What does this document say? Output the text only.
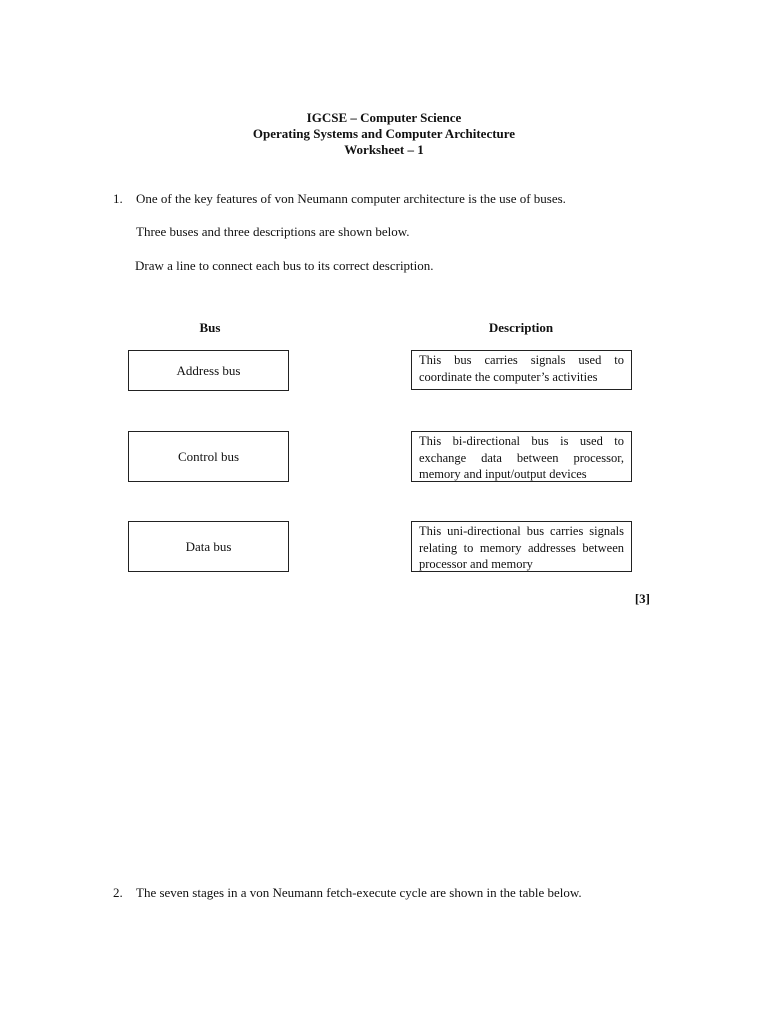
IGCSE – Computer Science
Operating Systems and Computer Architecture
Worksheet – 1
1. One of the key features of von Neumann computer architecture is the use of buses.
Three buses and three descriptions are shown below.
Draw a line to connect each bus to its correct description.
Bus	Description
Address bus
Control bus
Data bus
This bus carries signals used to coordinate the computer’s activities
This bi-directional bus is used to exchange data between processor, memory and input/output devices
This uni-directional bus carries signals relating to memory addresses between processor and memory
[3]
2. The seven stages in a von Neumann fetch-execute cycle are shown in the table below.
